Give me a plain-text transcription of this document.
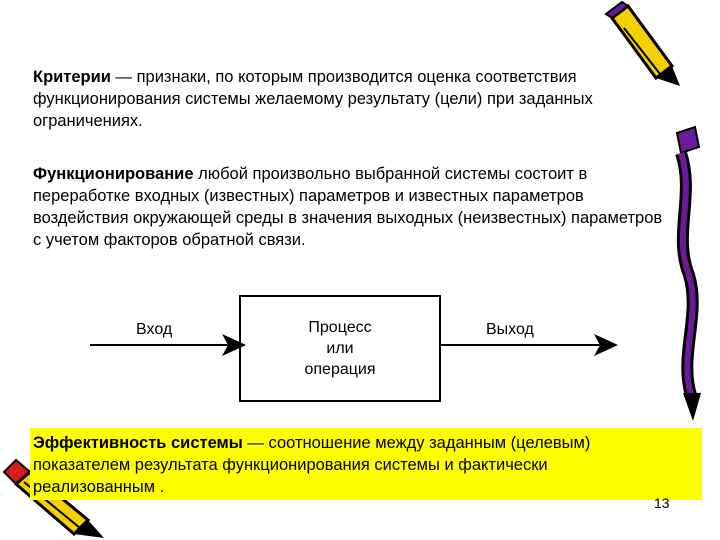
Критерии — признаки, по которым производится оценка соответствия функционирования системы желаемому результату (цели) при заданных ограничениях.

Функционирование любой произвольно выбранной системы состоит в переработке входных (известных) параметров и известных параметров воздействия окружающей среды в значения выходных (неизвестных) параметров с учетом факторов обратной связи.

Вход	Выход
Процесс
или
операция

Эффективность системы — соотношение между заданным (целевым) показателем результата функционирования системы и фактически реализованным .

13
